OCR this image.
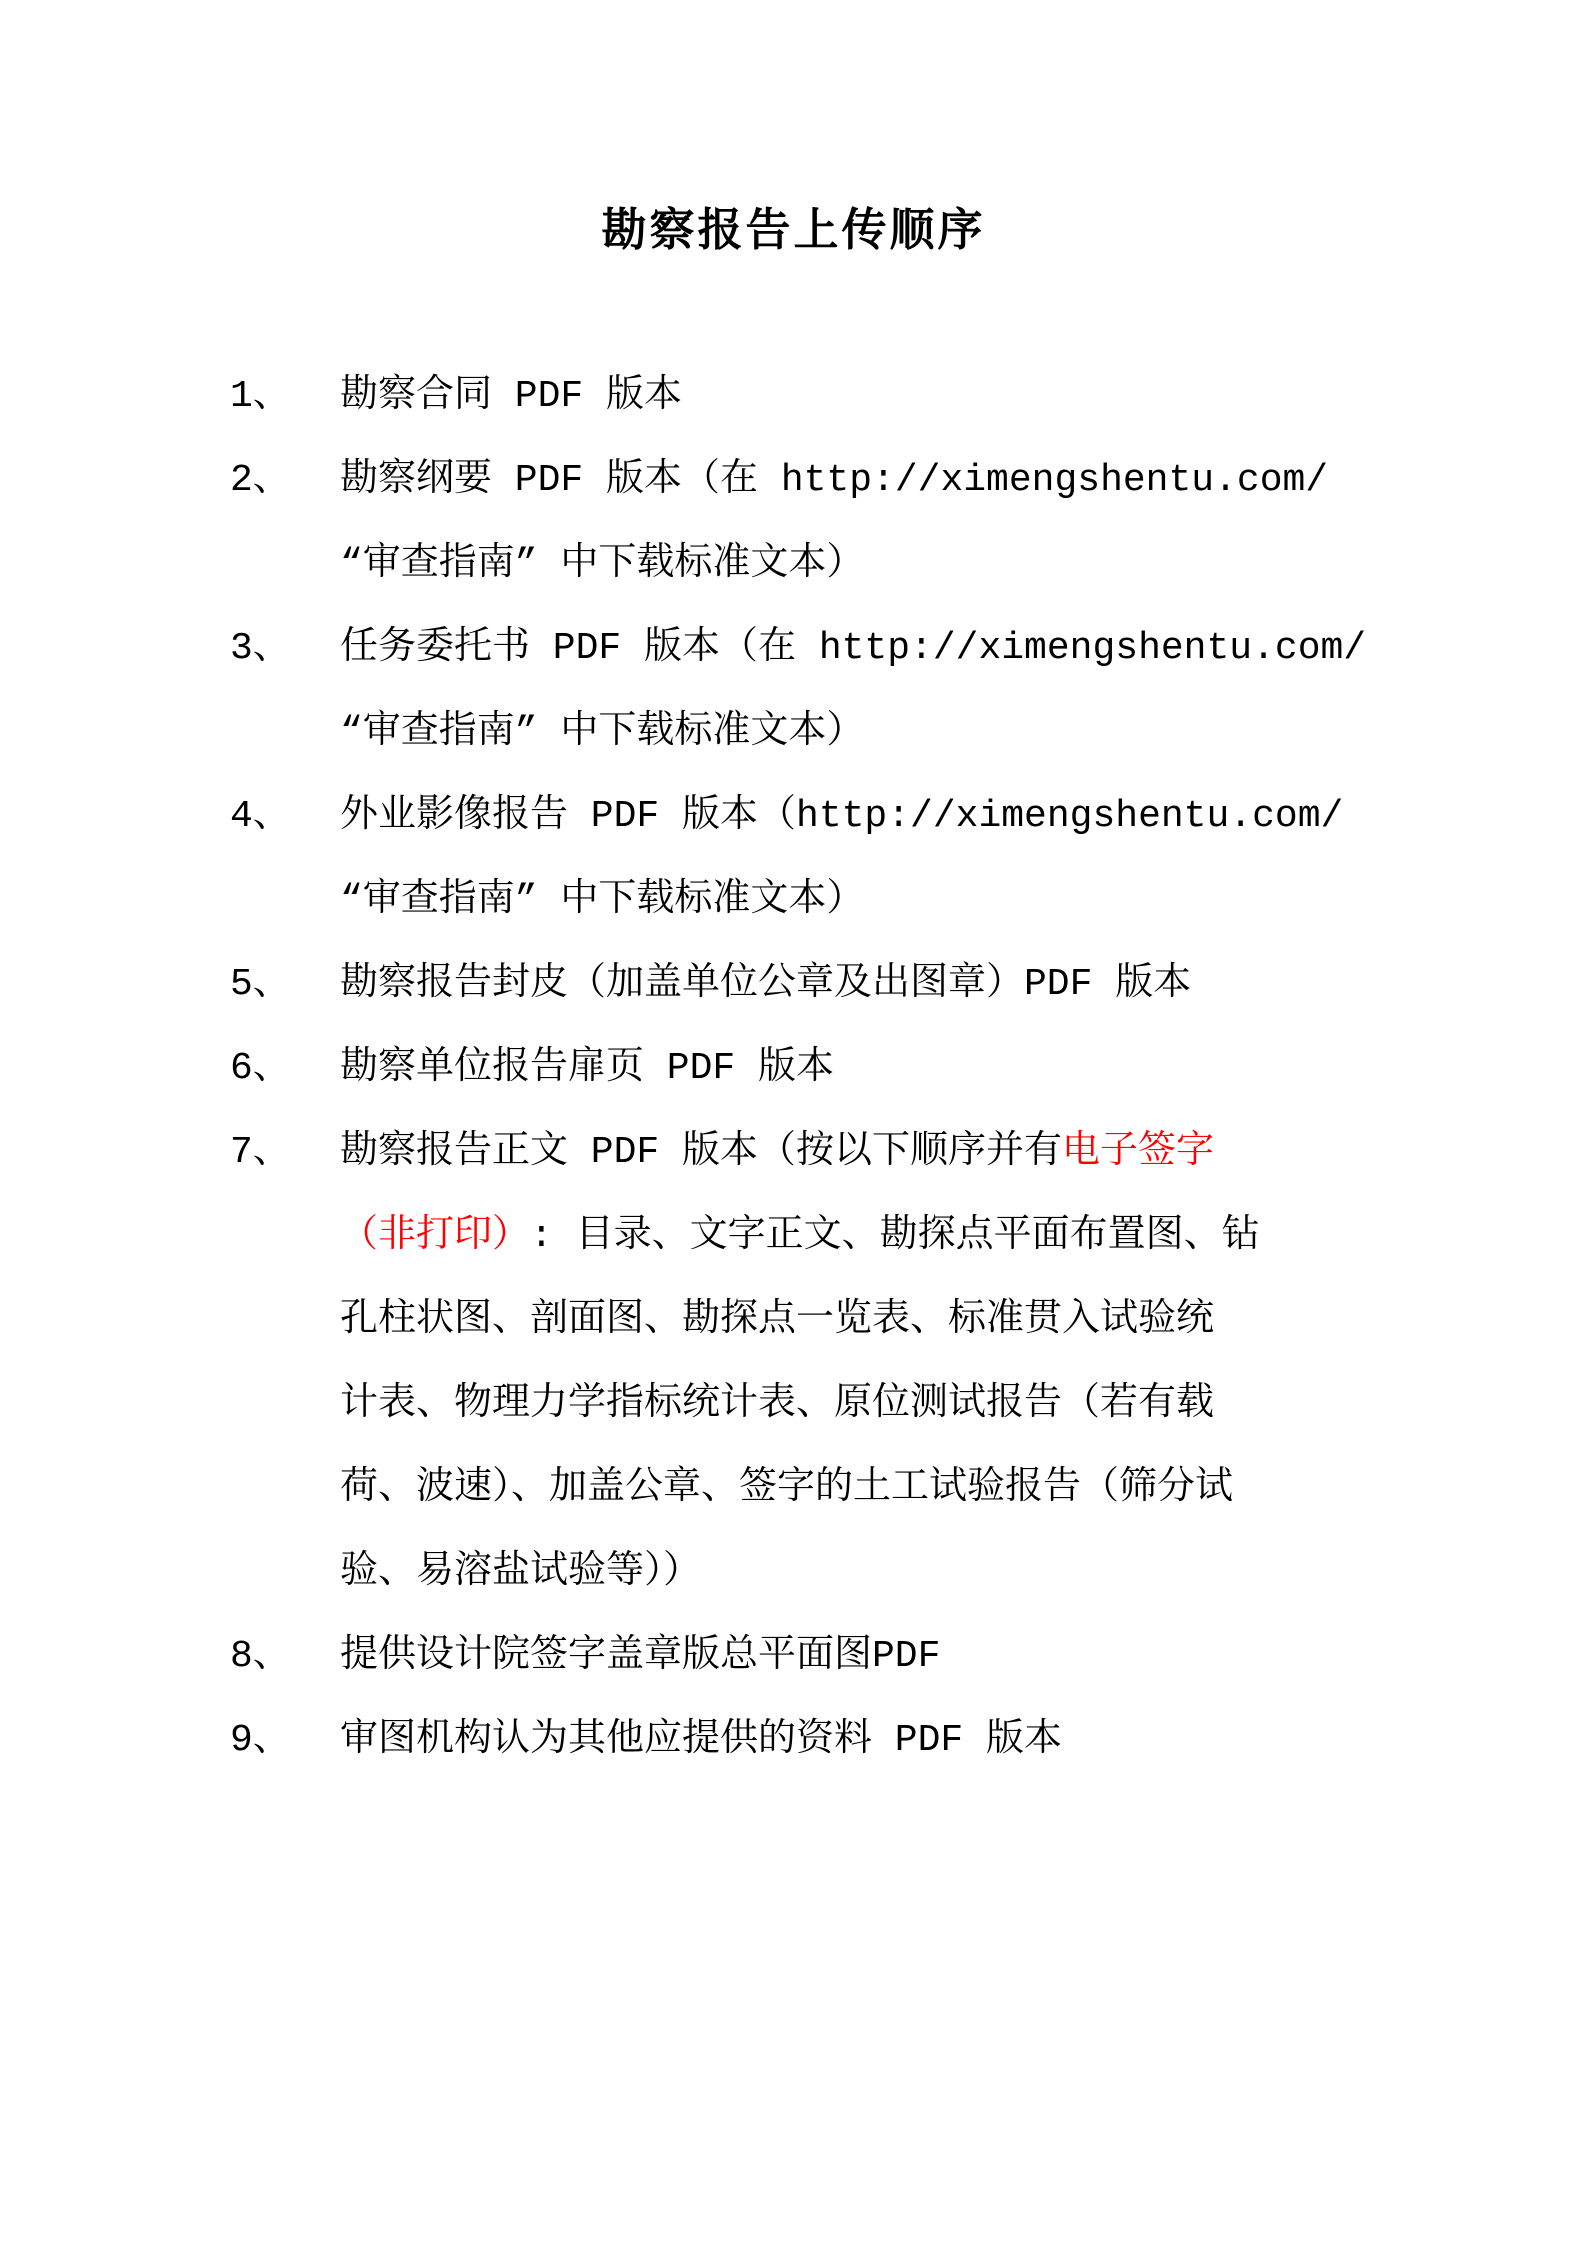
勘察报告上传顺序
1、	勘察合同 PDF 版本
2、	勘察纲要 PDF 版本（在 http://ximengshentu.com/
“审查指南” 中下载标准文本）
3、	任务委托书 PDF 版本（在 http://ximengshentu.com/
“审查指南” 中下载标准文本）
4、	外业影像报告 PDF 版本（http://ximengshentu.com/
“审查指南” 中下载标准文本）
5、	勘察报告封皮（加盖单位公章及出图章）PDF 版本
6、	勘察单位报告扉页 PDF 版本
7、	勘察报告正文 PDF 版本（按以下顺序并有电子签字
（非打印）: 目录、文字正文、勘探点平面布置图、钻
孔柱状图、剖面图、勘探点一览表、标准贯入试验统
计表、物理力学指标统计表、原位测试报告（若有载
荷、波速）、加盖公章、签字的土工试验报告（筛分试
验、易溶盐试验等））
8、	提供设计院签字盖章版总平面图PDF
9、	审图机构认为其他应提供的资料 PDF 版本
